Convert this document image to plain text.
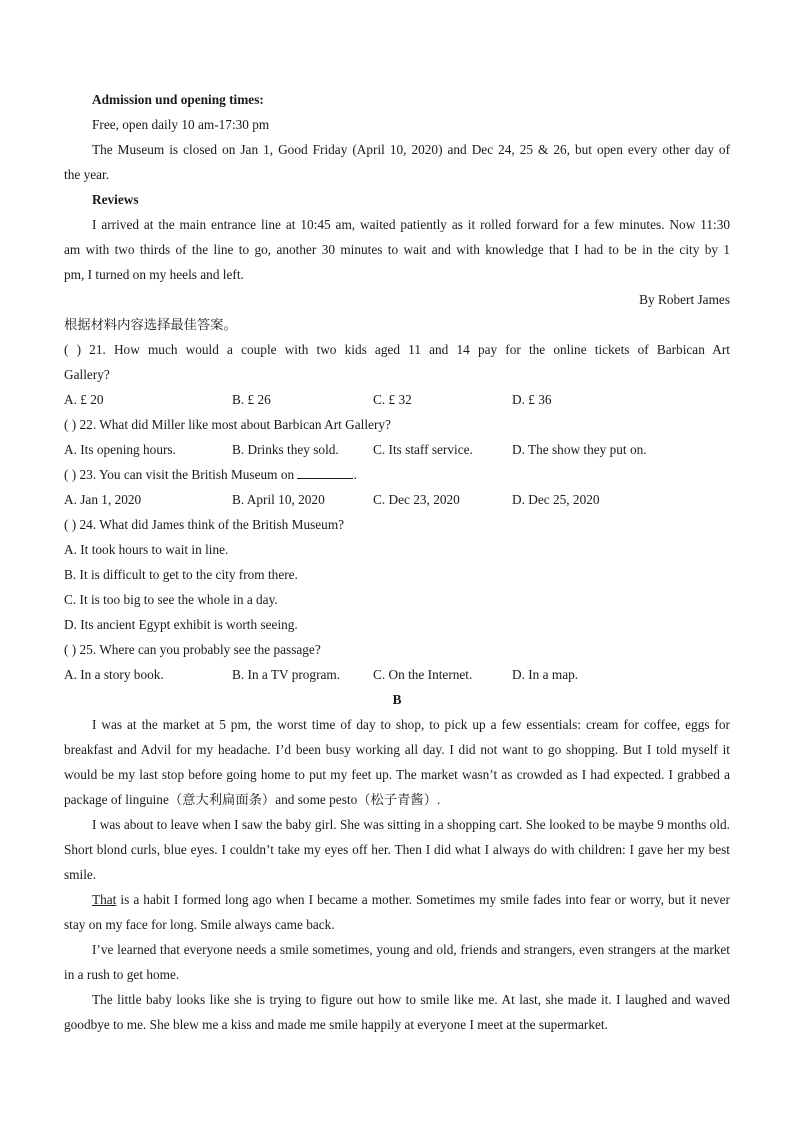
Admission und opening times:
Free, open daily 10 am-17:30 pm
The Museum is closed on Jan 1, Good Friday (April 10, 2020) and Dec 24, 25 & 26, but open every other day of
the year.
Reviews
I arrived at the main entrance line at 10:45 am, waited patiently as it rolled forward for a few minutes. Now 11:30
am with two thirds of the line to go, another 30 minutes to wait and with knowledge that I had to be in the city by 1
pm, I turned on my heels and left.
By Robert James
根据材料内容选择最佳答案。
( ) 21. How much would a couple with two kids aged 11 and 14 pay for the online tickets of Barbican Art
Gallery?
A. £ 20	B. £ 26	C. £ 32	D. £ 36
( ) 22. What did Miller like most about Barbican Art Gallery?
A. Its opening hours.	B. Drinks they sold.	C. Its staff service.	D. The show they put on.
( ) 23. You can visit the British Museum on	.
A. Jan 1, 2020	B. April 10, 2020	C. Dec 23, 2020	D. Dec 25, 2020
( ) 24. What did James think of the British Museum?
A. It took hours to wait in line.
B. It is difficult to get to the city from there.
C. It is too big to see the whole in a day.
D. Its ancient Egypt exhibit is worth seeing.
( ) 25. Where can you probably see the passage?
A. In a story book.	B. In a TV program.	C. On the Internet.	D. In a map.
B
I was at the market at 5 pm, the worst time of day to shop, to pick up a few essentials: cream for coffee, eggs for breakfast and Advil for my headache. I’d been busy working all day. I did not want to go shopping. But I told myself it would be my last stop before going home to put my feet up. The market wasn’t as crowded as I had expected. I grabbed a package of linguine（意大利扁面条）and some pesto（松子青酱）.
I was about to leave when I saw the baby girl. She was sitting in a shopping cart. She looked to be maybe 9 months old. Short blond curls, blue eyes. I couldn’t take my eyes off her. Then I did what I always do with children: I gave her my best smile.
That is a habit I formed long ago when I became a mother. Sometimes my smile fades into fear or worry, but it never stay on my face for long. Smile always came back.
I’ve learned that everyone needs a smile sometimes, young and old, friends and strangers, even strangers at the market in a rush to get home.
The little baby looks like she is trying to figure out how to smile like me. At last, she made it. I laughed and waved goodbye to me. She blew me a kiss and made me smile happily at everyone I meet at the supermarket.
